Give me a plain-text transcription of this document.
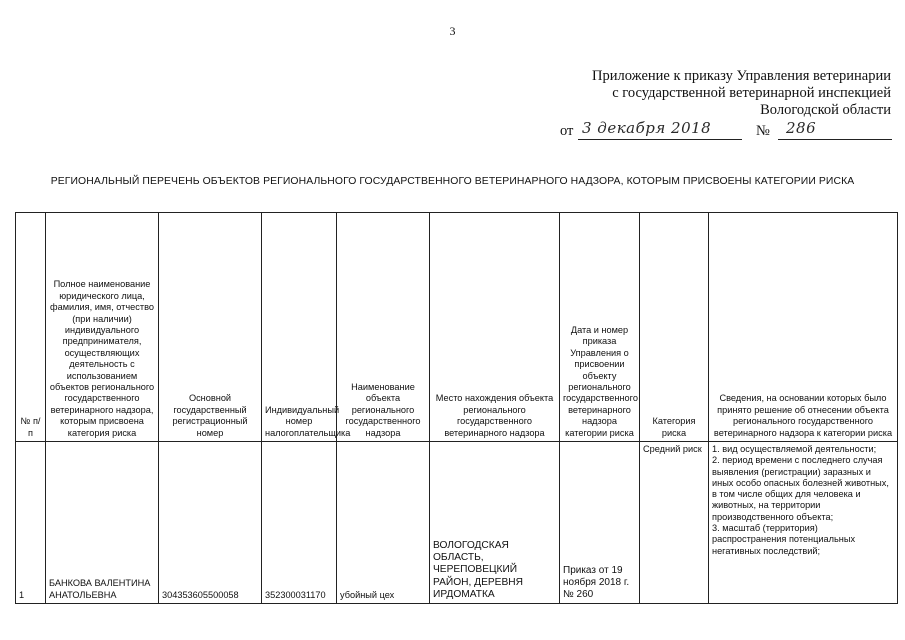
3
Приложение к приказу Управления ветеринарии
с государственной ветеринарной инспекцией
Вологодской области
от 3 декабря 2018	№ 286
РЕГИОНАЛЬНЫЙ ПЕРЕЧЕНЬ ОБЪЕКТОВ РЕГИОНАЛЬНОГО ГОСУДАРСТВЕННОГО ВЕТЕРИНАРНОГО НАДЗОРА, КОТОРЫМ ПРИСВОЕНЫ КАТЕГОРИИ РИСКА
№ п/п	Полное наименование юридического лица, фамилия, имя, отчество (при наличии) индивидуального предпринимателя, осуществляющих деятельность с использованием объектов регионального государственного ветеринарного надзора, которым присвоена категория риска	Основной государственный регистрационный номер	Индивидуальный номер налогоплательщика	Наименование объекта регионального государственного надзора	Место нахождения объекта регионального государственного ветеринарного надзора	Дата и номер приказа Управления о присвоении объекту регионального государственного ветеринарного надзора категории риска	Категория риска	Сведения, на основании которых было принято решение об отнесении объекта регионального государственного ветеринарного надзора к категории риска
1	БАНКОВА ВАЛЕНТИНА АНАТОЛЬЕВНА	304353605500058	352300031170	убойный цех	ВОЛОГОДСКАЯ ОБЛАСТЬ, ЧЕРЕПОВЕЦКИЙ РАЙОН, ДЕРЕВНЯ ИРДОМАТКА	Приказ от 19 ноября 2018 г. № 260	Средний риск	1. вид осуществляемой деятельности;
2. период времени с последнего случая выявления (регистрации) заразных и иных особо опасных болезней животных, в том числе общих для человека и животных, на территории производственного объекта;
3. масштаб (территория) распространения потенциальных негативных последствий;
